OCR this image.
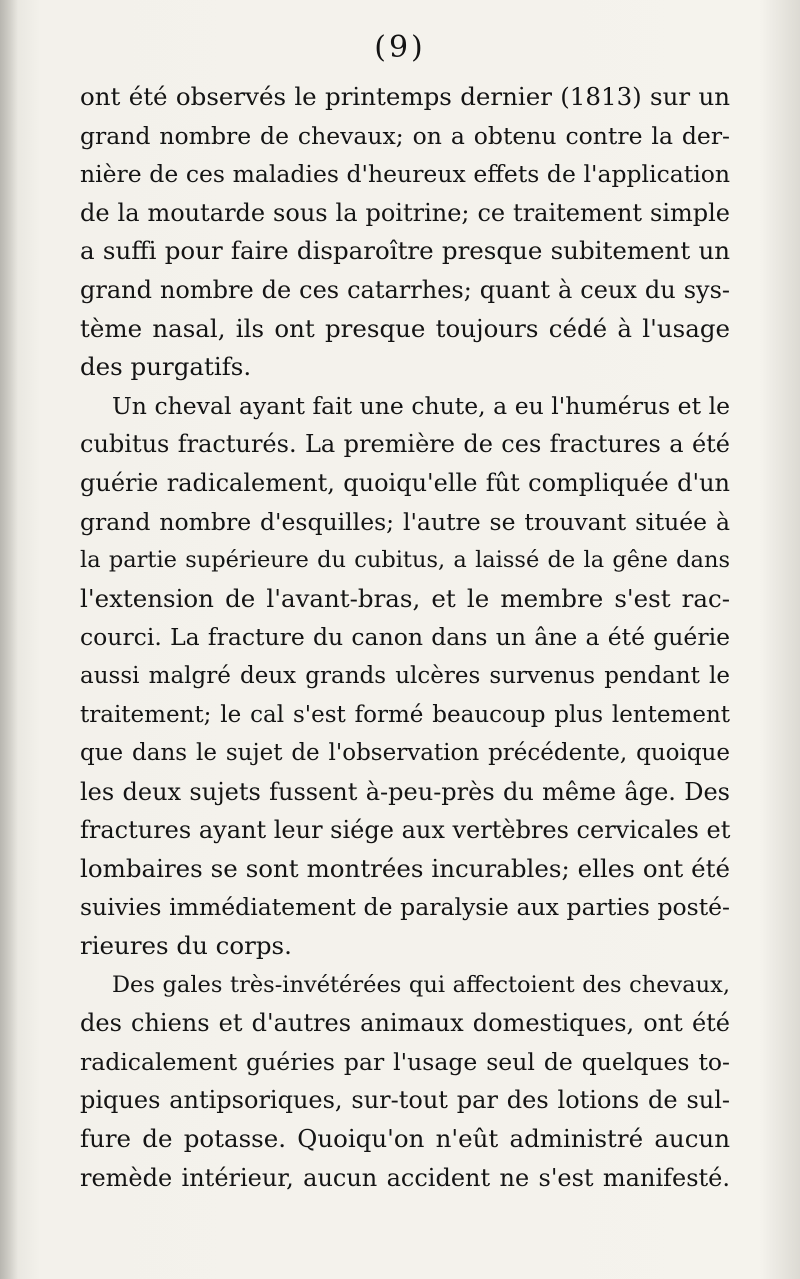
(9)
ont été observés le printemps dernier (1813) sur un
grand nombre de chevaux; on a obtenu contre la der-
nière de ces maladies d'heureux effets de l'application
de la moutarde sous la poitrine; ce traitement simple
a suffi pour faire disparoître presque subitement un
grand nombre de ces catarrhes; quant à ceux du sys-
tème nasal, ils ont presque toujours cédé à l'usage
des purgatifs.
Un cheval ayant fait une chute, a eu l'humérus et le
cubitus fracturés. La première de ces fractures a été
guérie radicalement, quoiqu'elle fût compliquée d'un
grand nombre d'esquilles; l'autre se trouvant située à
la partie supérieure du cubitus, a laissé de la gêne dans
l'extension de l'avant-bras, et le membre s'est rac-
courci. La fracture du canon dans un âne a été guérie
aussi malgré deux grands ulcères survenus pendant le
traitement; le cal s'est formé beaucoup plus lentement
que dans le sujet de l'observation précédente, quoique
les deux sujets fussent à-peu-près du même âge. Des
fractures ayant leur siége aux vertèbres cervicales et
lombaires se sont montrées incurables; elles ont été
suivies immédiatement de paralysie aux parties posté-
rieures du corps.
Des gales très-invétérées qui affectoient des chevaux,
des chiens et d'autres animaux domestiques, ont été
radicalement guéries par l'usage seul de quelques to-
piques antipsoriques, sur-tout par des lotions de sul-
fure de potasse. Quoiqu'on n'eût administré aucun
remède intérieur, aucun accident ne s'est manifesté.
